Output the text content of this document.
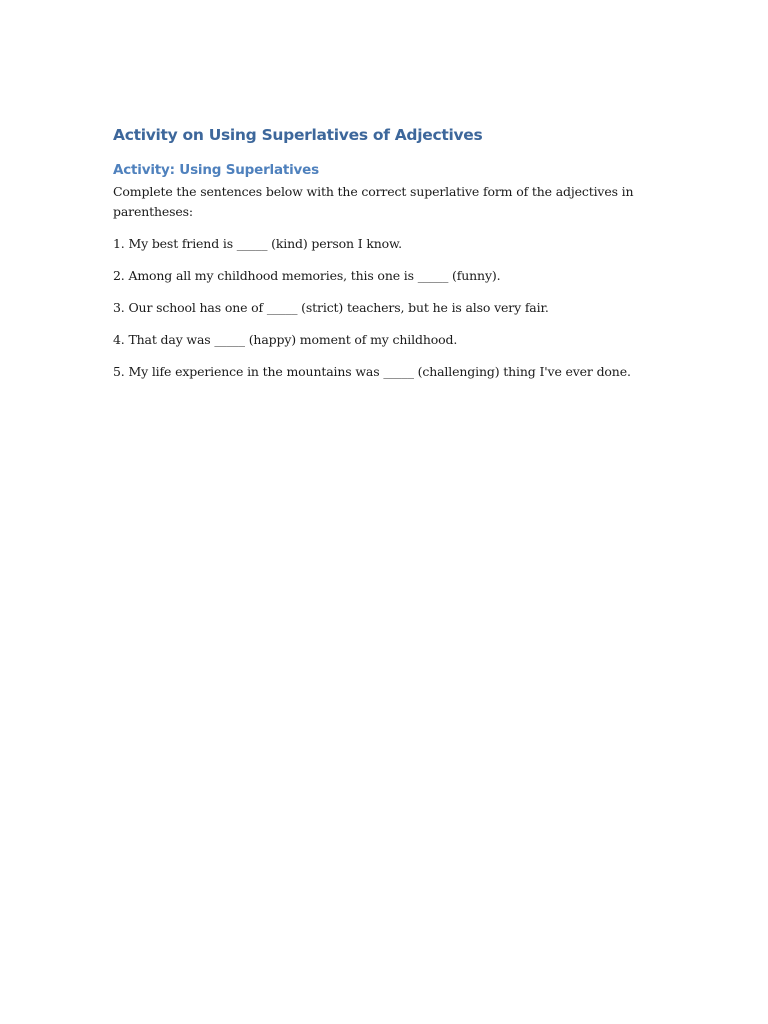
Activity on Using Superlatives of Adjectives
Activity: Using Superlatives

Complete the sentences below with the correct superlative form of the adjectives in parentheses:

1. My best friend is _____ (kind) person I know.
2. Among all my childhood memories, this one is _____ (funny).
3. Our school has one of _____ (strict) teachers, but he is also very fair.
4. That day was _____ (happy) moment of my childhood.
5. My life experience in the mountains was _____ (challenging) thing I've ever done.
